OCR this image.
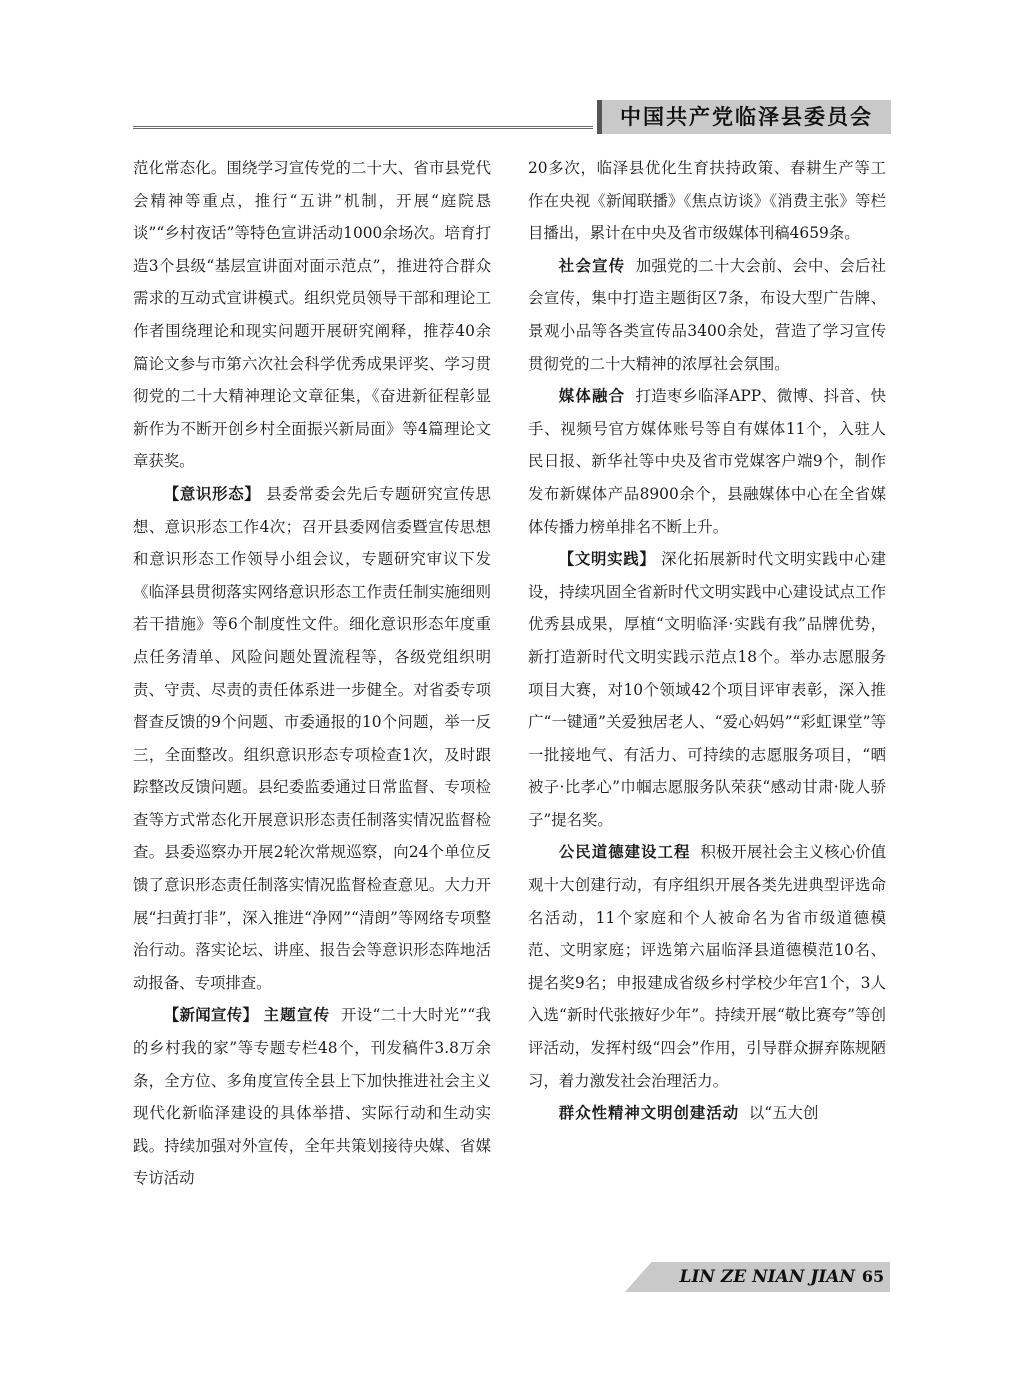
中国共产党临泽县委员会

范化常态化。围绕学习宣传党的二十大、省市县党代会精神等重点，推行“五讲”机制，开展“庭院恳谈”“乡村夜话”等特色宣讲活动1000余场次。培育打造3个县级“基层宣讲面对面示范点”，推进符合群众需求的互动式宣讲模式。组织党员领导干部和理论工作者围绕理论和现实问题开展研究阐释，推荐40余篇论文参与市第六次社会科学优秀成果评奖、学习贯彻党的二十大精神理论文章征集，《奋进新征程彰显新作为不断开创乡村全面振兴新局面》等4篇理论文章获奖。

【意识形态】 县委常委会先后专题研究宣传思想、意识形态工作4次；召开县委网信委暨宣传思想和意识形态工作领导小组会议，专题研究审议下发《临泽县贯彻落实网络意识形态工作责任制实施细则若干措施》等6个制度性文件。细化意识形态年度重点任务清单、风险问题处置流程等，各级党组织明责、守责、尽责的责任体系进一步健全。对省委专项督查反馈的9个问题、市委通报的10个问题，举一反三，全面整改。组织意识形态专项检查1次，及时跟踪整改反馈问题。县纪委监委通过日常监督、专项检查等方式常态化开展意识形态责任制落实情况监督检查。县委巡察办开展2轮次常规巡察，向24个单位反馈了意识形态责任制落实情况监督检查意见。大力开展“扫黄打非”，深入推进“净网”“清朗”等网络专项整治行动。落实论坛、讲座、报告会等意识形态阵地活动报备、专项排查。

【新闻宣传】 主题宣传 开设“二十大时光”“我的乡村我的家”等专题专栏48个，刊发稿件3.8万余条，全方位、多角度宣传全县上下加快推进社会主义现代化新临泽建设的具体举措、实际行动和生动实践。持续加强对外宣传，全年共策划接待央媒、省媒专访活动

20多次，临泽县优化生育扶持政策、春耕生产等工作在央视《新闻联播》《焦点访谈》《消费主张》等栏目播出，累计在中央及省市级媒体刊稿4659条。

社会宣传 加强党的二十大会前、会中、会后社会宣传，集中打造主题街区7条，布设大型广告牌、景观小品等各类宣传品3400余处，营造了学习宣传贯彻党的二十大精神的浓厚社会氛围。

媒体融合 打造枣乡临泽APP、微博、抖音、快手、视频号官方媒体账号等自有媒体11个，入驻人民日报、新华社等中央及省市党媒客户端9个，制作发布新媒体产品8900余个，县融媒体中心在全省媒体传播力榜单排名不断上升。

【文明实践】 深化拓展新时代文明实践中心建设，持续巩固全省新时代文明实践中心建设试点工作优秀县成果，厚植“文明临泽·实践有我”品牌优势，新打造新时代文明实践示范点18个。举办志愿服务项目大赛，对10个领域42个项目评审表彰，深入推广“一键通”关爱独居老人、“爱心妈妈”“彩虹课堂”等一批接地气、有活力、可持续的志愿服务项目，“晒被子·比孝心”巾帼志愿服务队荣获“感动甘肃·陇人骄子”提名奖。

公民道德建设工程 积极开展社会主义核心价值观十大创建行动，有序组织开展各类先进典型评选命名活动，11个家庭和个人被命名为省市级道德模范、文明家庭；评选第六届临泽县道德模范10名、提名奖9名；申报建成省级乡村学校少年宫1个，3人入选“新时代张掖好少年”。持续开展“敬比赛夸”等创评活动，发挥村级“四会”作用，引导群众摒弃陈规陋习，着力激发社会治理活力。

群众性精神文明创建活动 以“五大创

LIN ZE NIAN JIAN 65
